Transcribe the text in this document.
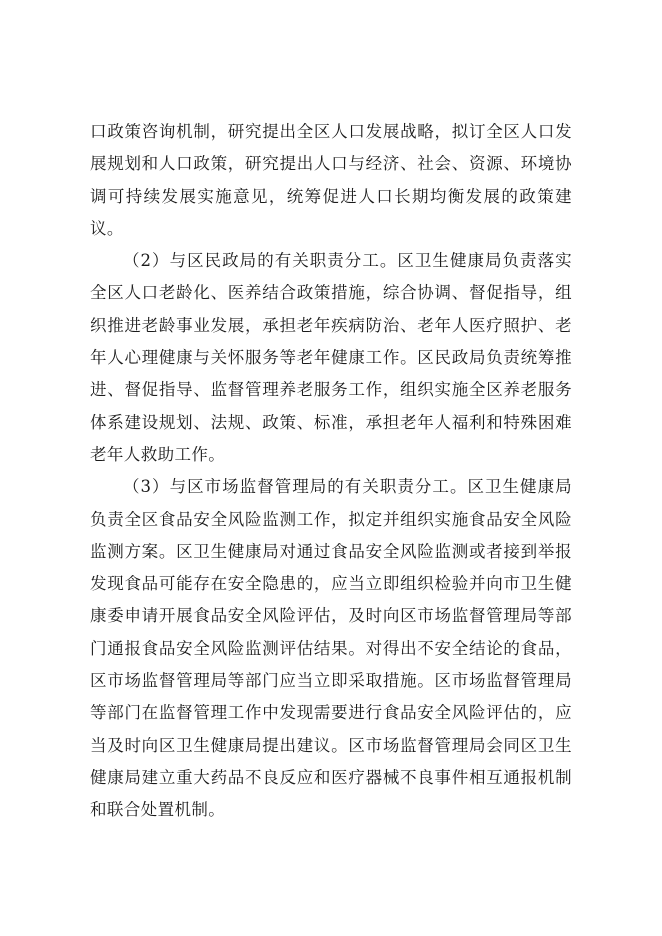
口政策咨询机制，研究提出全区人口发展战略，拟订全区人口发展规划和人口政策，研究提出人口与经济、社会、资源、环境协调可持续发展实施意见，统筹促进人口长期均衡发展的政策建议。

（2）与区民政局的有关职责分工。区卫生健康局负责落实全区人口老龄化、医养结合政策措施，综合协调、督促指导，组织推进老龄事业发展，承担老年疾病防治、老年人医疗照护、老年人心理健康与关怀服务等老年健康工作。区民政局负责统筹推进、督促指导、监督管理养老服务工作，组织实施全区养老服务体系建设规划、法规、政策、标准，承担老年人福利和特殊困难老年人救助工作。

（3）与区市场监督管理局的有关职责分工。区卫生健康局负责全区食品安全风险监测工作，拟定并组织实施食品安全风险监测方案。区卫生健康局对通过食品安全风险监测或者接到举报发现食品可能存在安全隐患的，应当立即组织检验并向市卫生健康委申请开展食品安全风险评估，及时向区市场监督管理局等部门通报食品安全风险监测评估结果。对得出不安全结论的食品，区市场监督管理局等部门应当立即采取措施。区市场监督管理局等部门在监督管理工作中发现需要进行食品安全风险评估的，应当及时向区卫生健康局提出建议。区市场监督管理局会同区卫生健康局建立重大药品不良反应和医疗器械不良事件相互通报机制和联合处置机制。
